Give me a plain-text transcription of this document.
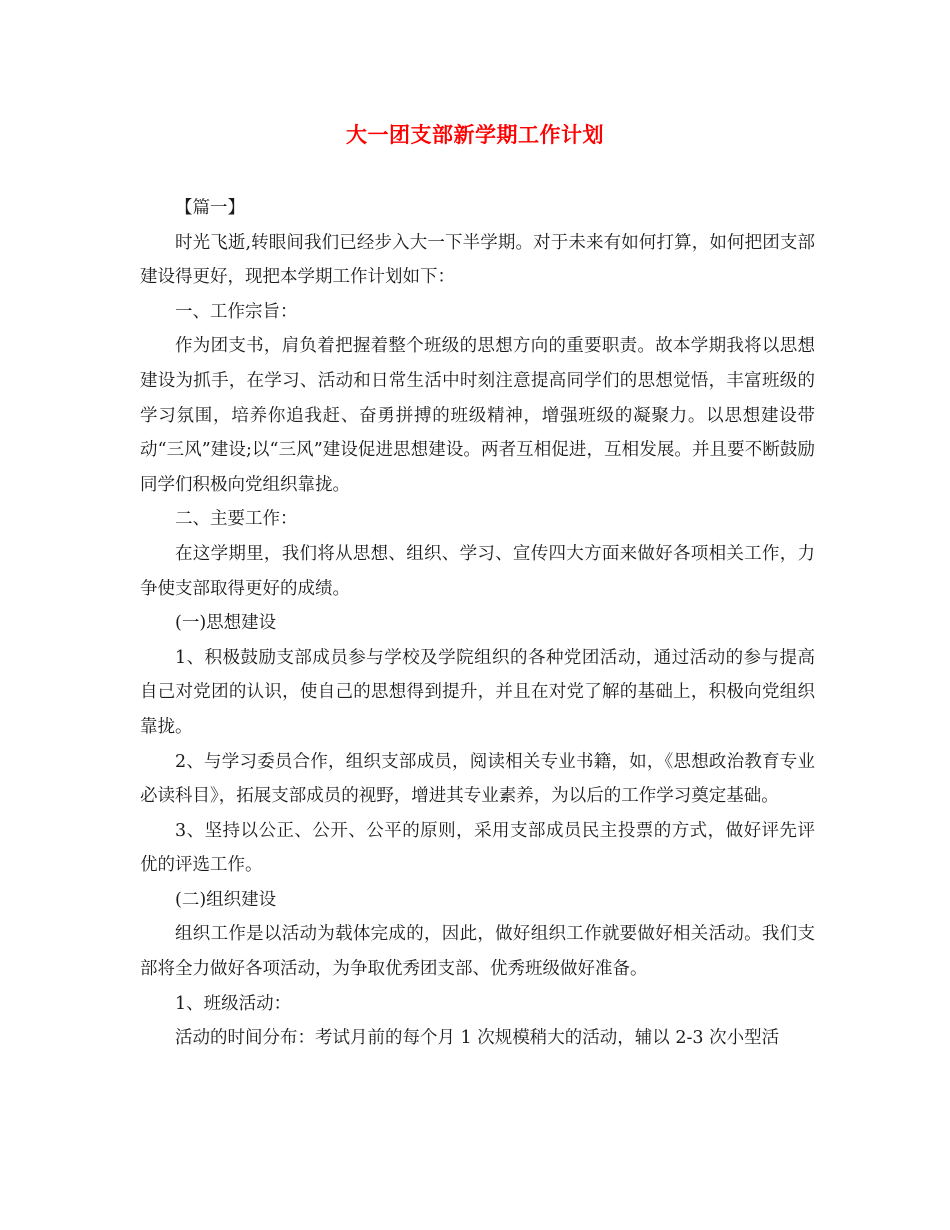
大一团支部新学期工作计划

【篇一】

时光飞逝,转眼间我们已经步入大一下半学期。对于未来有如何打算，如何把团支部建设得更好，现把本学期工作计划如下：

一、工作宗旨：

作为团支书，肩负着把握着整个班级的思想方向的重要职责。故本学期我将以思想建设为抓手，在学习、活动和日常生活中时刻注意提高同学们的思想觉悟，丰富班级的学习氛围，培养你追我赶、奋勇拼搏的班级精神，增强班级的凝聚力。以思想建设带动“三风”建设;以“三风”建设促进思想建设。两者互相促进，互相发展。并且要不断鼓励同学们积极向党组织靠拢。

二、主要工作：

在这学期里，我们将从思想、组织、学习、宣传四大方面来做好各项相关工作，力争使支部取得更好的成绩。

(一)思想建设

1、积极鼓励支部成员参与学校及学院组织的各种党团活动，通过活动的参与提高自己对党团的认识，使自己的思想得到提升，并且在对党了解的基础上，积极向党组织靠拢。

2、与学习委员合作，组织支部成员，阅读相关专业书籍，如，《思想政治教育专业必读科目》，拓展支部成员的视野，增进其专业素养，为以后的工作学习奠定基础。

3、坚持以公正、公开、公平的原则，采用支部成员民主投票的方式，做好评先评优的评选工作。

(二)组织建设

组织工作是以活动为载体完成的，因此，做好组织工作就要做好相关活动。我们支部将全力做好各项活动，为争取优秀团支部、优秀班级做好准备。

1、班级活动：

活动的时间分布：考试月前的每个月 1 次规模稍大的活动，辅以 2-3 次小型活
